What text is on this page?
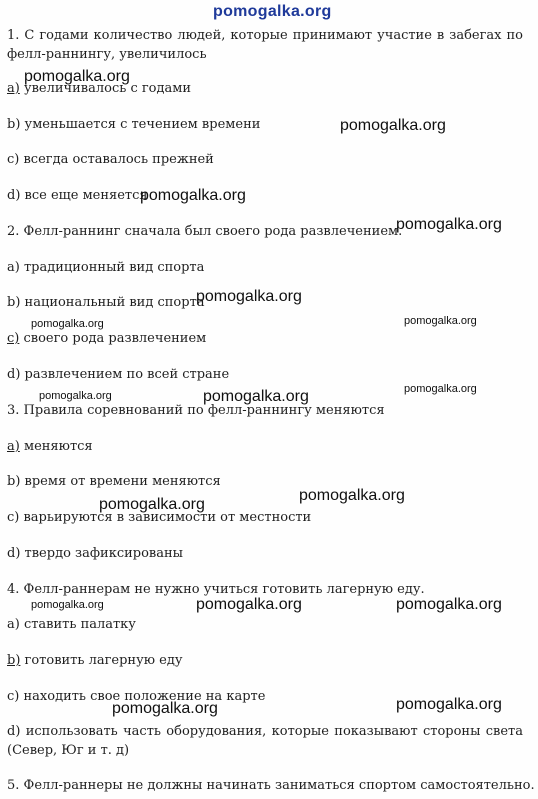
pomogalka.org
1. С годами количество людей, которые принимают участие в забегах по фелл-раннингу, увеличилось
a) увеличивалось с годами
b) уменьшается с течением времени
c) всегда оставалось прежней
d) все еще меняется
2. Фелл-раннинг сначала был своего рода развлечением.
a) традиционный вид спорта
b) национальный вид спорта
c) своего рода развлечением
d) развлечением по всей стране
3. Правила соревнований по фелл-раннингу меняются
a) меняются
b) время от времени меняются
c) варьируются в зависимости от местности
d) твердо зафиксированы
4. Фелл-раннерам не нужно учиться готовить лагерную еду.
a) ставить палатку
b) готовить лагерную еду
c) находить свое положение на карте
d) использовать часть оборудования, которые показывают стороны света (Север, Юг и т. д)
5. Фелл-раннеры не должны начинать заниматься спортом самостоятельно.
pomogalka.org
pomogalka.org
pomogalka.org
pomogalka.org
pomogalka.org
pomogalka.org	pomogalka.org
pomogalka.org
pomogalka.org
pomogalka.org
pomogalka.org
pomogalka.org
pomogalka.org	pomogalka.org	pomogalka.org
pomogalka.org	pomogalka.org
